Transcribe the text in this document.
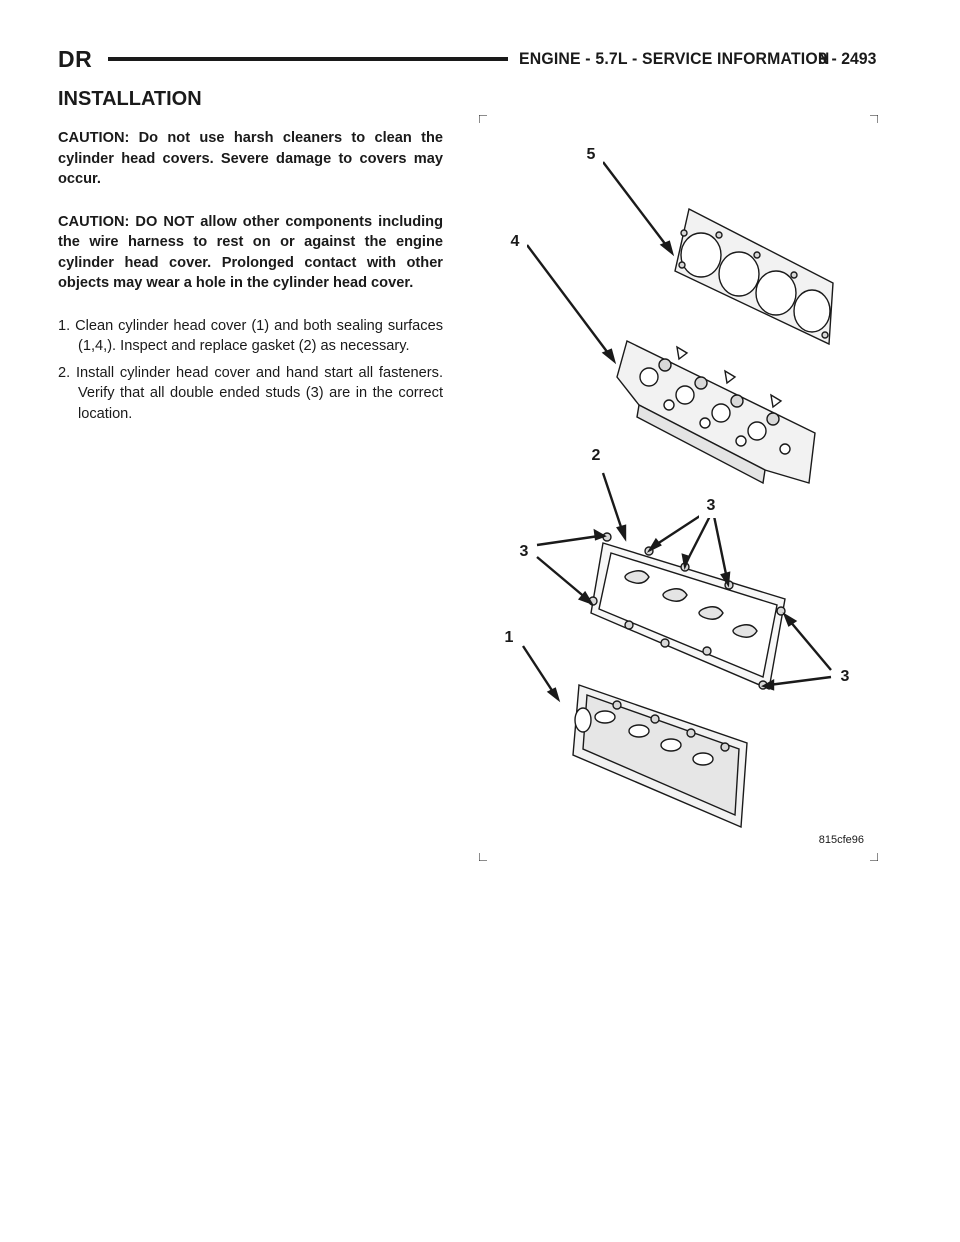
DR	ENGINE - 5.7L - SERVICE INFORMATION
9 - 2493
INSTALLATION

CAUTION: Do not use harsh cleaners to clean the cylinder head covers. Severe damage to covers may occur.

CAUTION: DO NOT allow other components including the wire harness to rest on or against the engine cylinder head cover. Prolonged contact with other objects may wear a hole in the cylinder head cover.

1. Clean cylinder head cover (1) and both sealing surfaces (1,4,). Inspect and replace gasket (2) as necessary.
2. Install cylinder head cover and hand start all fasteners. Verify that all double ended studs (3) are in the correct location.
5
4
2
3
3
1
3
815cfe96
